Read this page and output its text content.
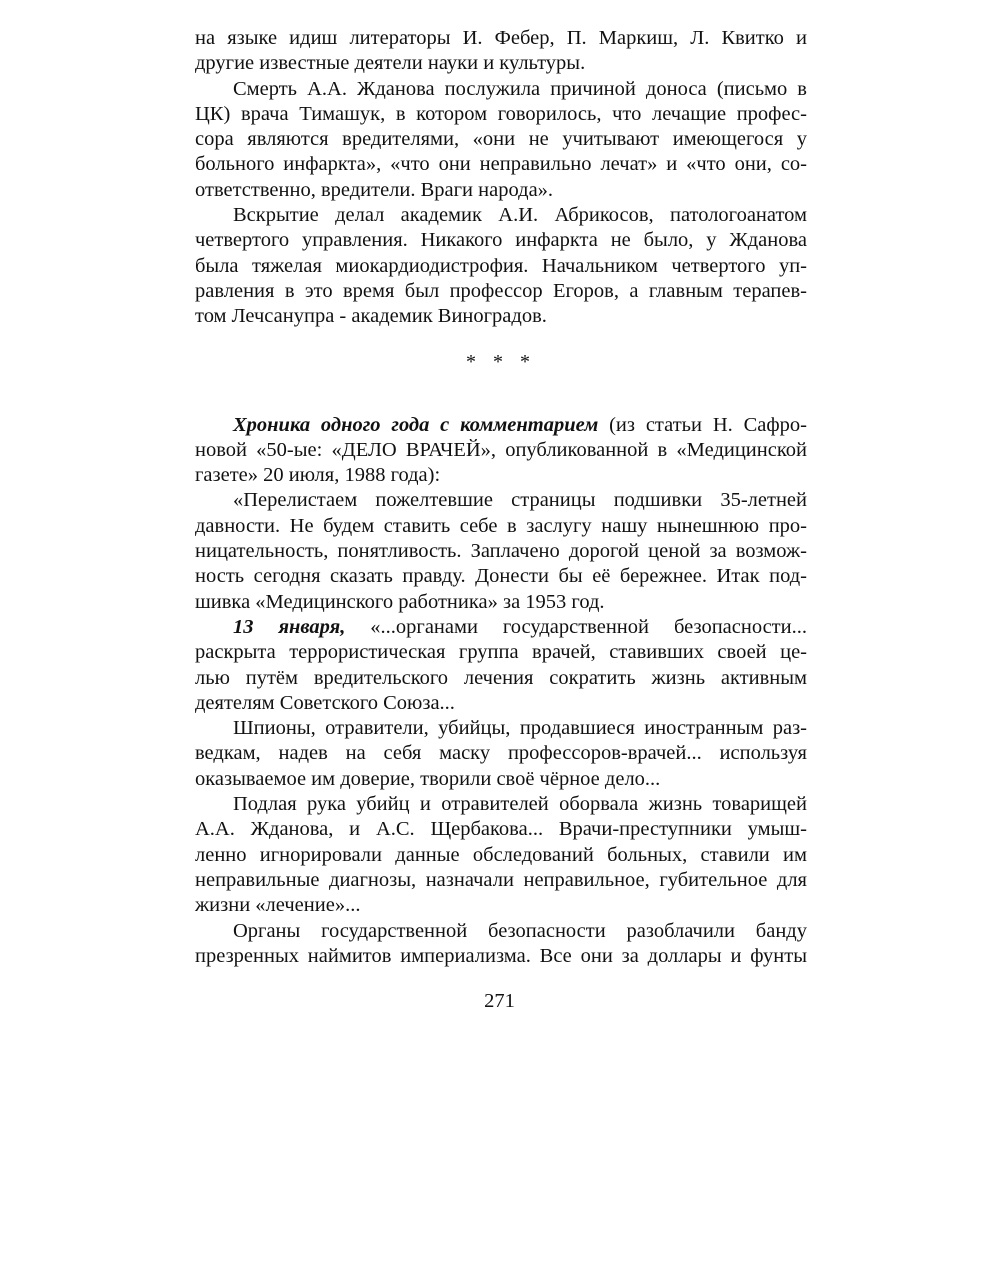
на языке идиш литераторы И. Фебер, П. Маркиш, Л. Квитко и

другие известные деятели науки и культуры.

Смерть А.А. Жданова послужила причиной доноса (письмо в

ЦК) врача Тимашук, в котором говорилось, что лечащие профес-

сора являются вредителями, «они не учитывают имеющегося у

больного инфаркта», «что они неправильно лечат» и «что они, со-

ответственно, вредители. Враги народа».

Вскрытие делал академик А.И. Абрикосов, патологоанатом

четвертого управления. Никакого инфаркта не было, у Жданова

была тяжелая миокардиодистрофия. Начальником четвертого уп-

равления в это время был профессор Егоров, а главным терапев-

том Лечсанупра - академик Виноградов.

* * *

Хроника одного года с комментарием (из статьи Н. Сафро-

новой «50-ые: «ДЕЛО ВРАЧЕЙ», опубликованной в «Медицинской

газете» 20 июля, 1988 года):

«Перелистаем пожелтевшие страницы подшивки 35-летней

давности. Не будем ставить себе в заслугу нашу нынешнюю про-

ницательность, понятливость. Заплачено дорогой ценой за возмож-

ность сегодня сказать правду. Донести бы её бережнее. Итак под-

шивка «Медицинского работника» за 1953 год.

13 января, «...органами государственной безопасности...

раскрыта террористическая группа врачей, ставивших своей це-

лью путём вредительского лечения сократить жизнь активным

деятелям Советского Союза...

Шпионы, отравители, убийцы, продавшиеся иностранным раз-

ведкам, надев на себя маску профессоров-врачей... используя

оказываемое им доверие, творили своё чёрное дело...

Подлая рука убийц и отравителей оборвала жизнь товарищей

А.А. Жданова, и А.С. Щербакова... Врачи-преступники умыш-

ленно игнорировали данные обследований больных, ставили им

неправильные диагнозы, назначали неправильное, губительное для

жизни «лечение»...

Органы государственной безопасности разоблачили банду

презренных наймитов империализма. Все они за доллары и фунты

271
